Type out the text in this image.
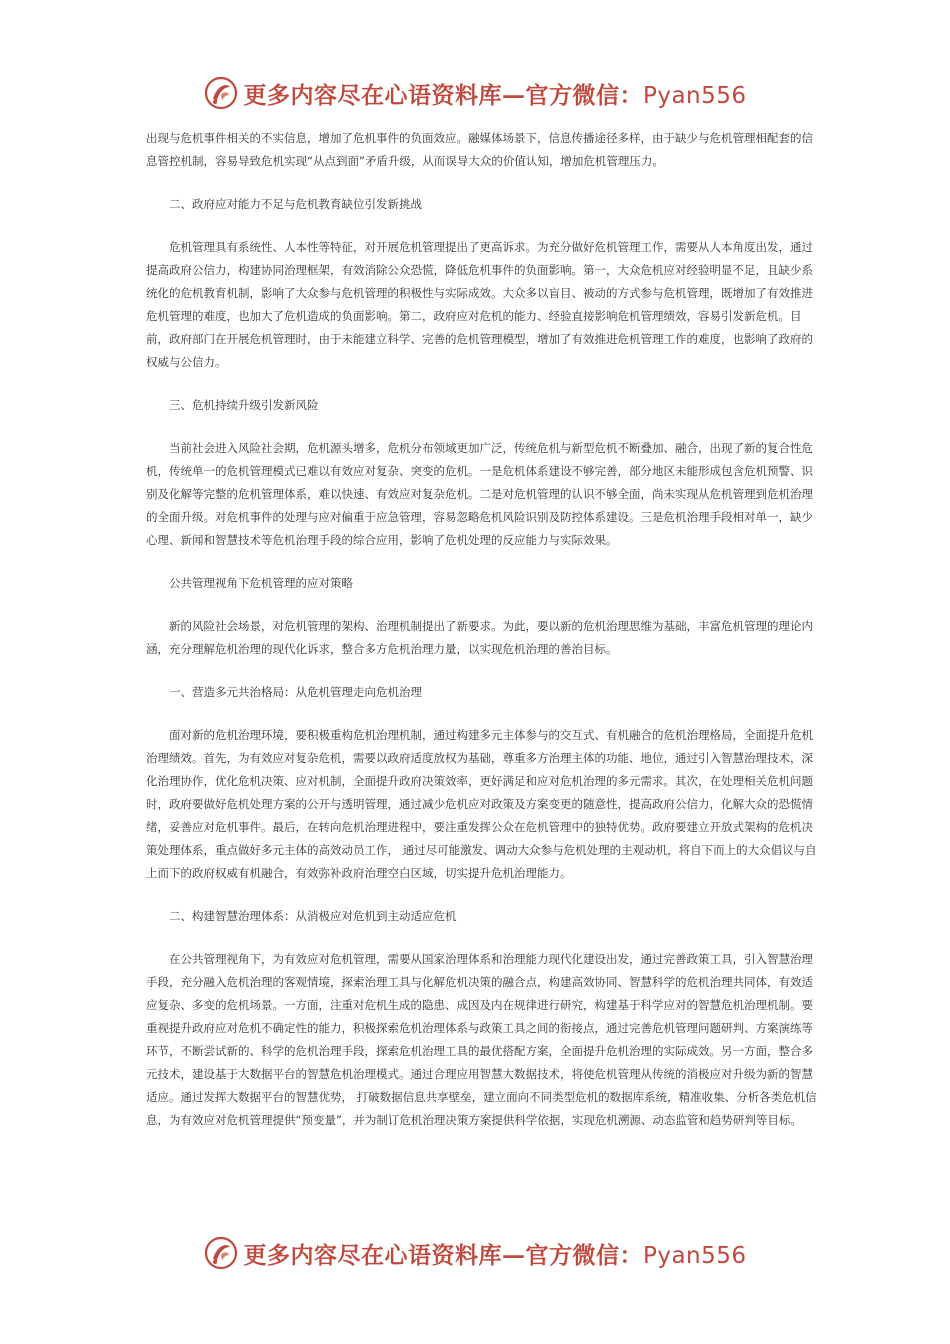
更多内容尽在心语资料库—官方微信：Pyan556

出现与危机事件相关的不实信息，增加了危机事件的负面效应。融媒体场景下，信息传播途径多样，由于缺少与危机管理相配套的信息管控机制，容易导致危机实现“从点到面”矛盾升级，从而误导大众的价值认知，增加危机管理压力。

二、政府应对能力不足与危机教育缺位引发新挑战

危机管理具有系统性、人本性等特征，对开展危机管理提出了更高诉求。为充分做好危机管理工作，需要从人本角度出发，通过提高政府公信力，构建协同治理框架，有效消除公众恐慌，降低危机事件的负面影响。第一，大众危机应对经验明显不足，且缺少系统化的危机教育机制，影响了大众参与危机管理的积极性与实际成效。大众多以盲目、被动的方式参与危机管理，既增加了有效推进危机管理的难度，也加大了危机造成的负面影响。第二，政府应对危机的能力、经验直接影响危机管理绩效，容易引发新危机。目前，政府部门在开展危机管理时，由于未能建立科学、完善的危机管理模型，增加了有效推进危机管理工作的难度，也影响了政府的权威与公信力。

三、危机持续升级引发新风险

当前社会进入风险社会期，危机源头增多，危机分布领域更加广泛，传统危机与新型危机不断叠加、融合，出现了新的复合性危机，传统单一的危机管理模式已难以有效应对复杂、突变的危机。一是危机体系建设不够完善，部分地区未能形成包含危机预警、识别及化解等完整的危机管理体系，难以快速、有效应对复杂危机。二是对危机管理的认识不够全面，尚未实现从危机管理到危机治理的全面升级。对危机事件的处理与应对偏重于应急管理，容易忽略危机风险识别及防控体系建设。三是危机治理手段相对单一，缺少心理、新闻和智慧技术等危机治理手段的综合应用，影响了危机处理的反应能力与实际效果。

公共管理视角下危机管理的应对策略

新的风险社会场景，对危机管理的架构、治理机制提出了新要求。为此，要以新的危机治理思维为基础，丰富危机管理的理论内涵，充分理解危机治理的现代化诉求，整合多方危机治理力量，以实现危机治理的善治目标。

一、营造多元共治格局：从危机管理走向危机治理

面对新的危机治理环境，要积极重构危机治理机制，通过构建多元主体参与的交互式、有机融合的危机治理格局，全面提升危机治理绩效。首先，为有效应对复杂危机，需要以政府适度放权为基础，尊重多方治理主体的功能、地位，通过引入智慧治理技术，深化治理协作，优化危机决策、应对机制，全面提升政府决策效率，更好满足和应对危机治理的多元需求。其次，在处理相关危机问题时，政府要做好危机处理方案的公开与透明管理，通过减少危机应对政策及方案变更的随意性，提高政府公信力，化解大众的恐慌情绪，妥善应对危机事件。最后，在转向危机治理进程中，要注重发挥公众在危机管理中的独特优势。政府要建立开放式架构的危机决策处理体系，重点做好多元主体的高效动员工作， 通过尽可能激发、调动大众参与危机处理的主观动机，将自下而上的大众倡议与自上而下的政府权威有机融合，有效弥补政府治理空白区域，切实提升危机治理能力。

二、构建智慧治理体系：从消极应对危机到主动适应危机

在公共管理视角下，为有效应对危机管理，需要从国家治理体系和治理能力现代化建设出发，通过完善政策工具，引入智慧治理手段，充分融入危机治理的客观情境，探索治理工具与化解危机决策的融合点，构建高效协同、智慧科学的危机治理共同体，有效适应复杂、多变的危机场景。一方面，注重对危机生成的隐患、成因及内在规律进行研究，构建基于科学应对的智慧危机治理机制。要重视提升政府应对危机不确定性的能力，积极探索危机治理体系与政策工具之间的衔接点，通过完善危机管理问题研判、方案演练等环节，不断尝试新的、科学的危机治理手段，探索危机治理工具的最优搭配方案，全面提升危机治理的实际成效。另一方面，整合多元技术，建设基于大数据平台的智慧危机治理模式。通过合理应用智慧大数据技术，将使危机管理从传统的消极应对升级为新的智慧适应。通过发挥大数据平台的智慧优势， 打破数据信息共享壁垒，建立面向不同类型危机的数据库系统，精准收集、分析各类危机信息，为有效应对危机管理提供“预变量”，并为制订危机治理决策方案提供科学依据，实现危机溯源、动态监管和趋势研判等目标。

更多内容尽在心语资料库—官方微信：Pyan556
